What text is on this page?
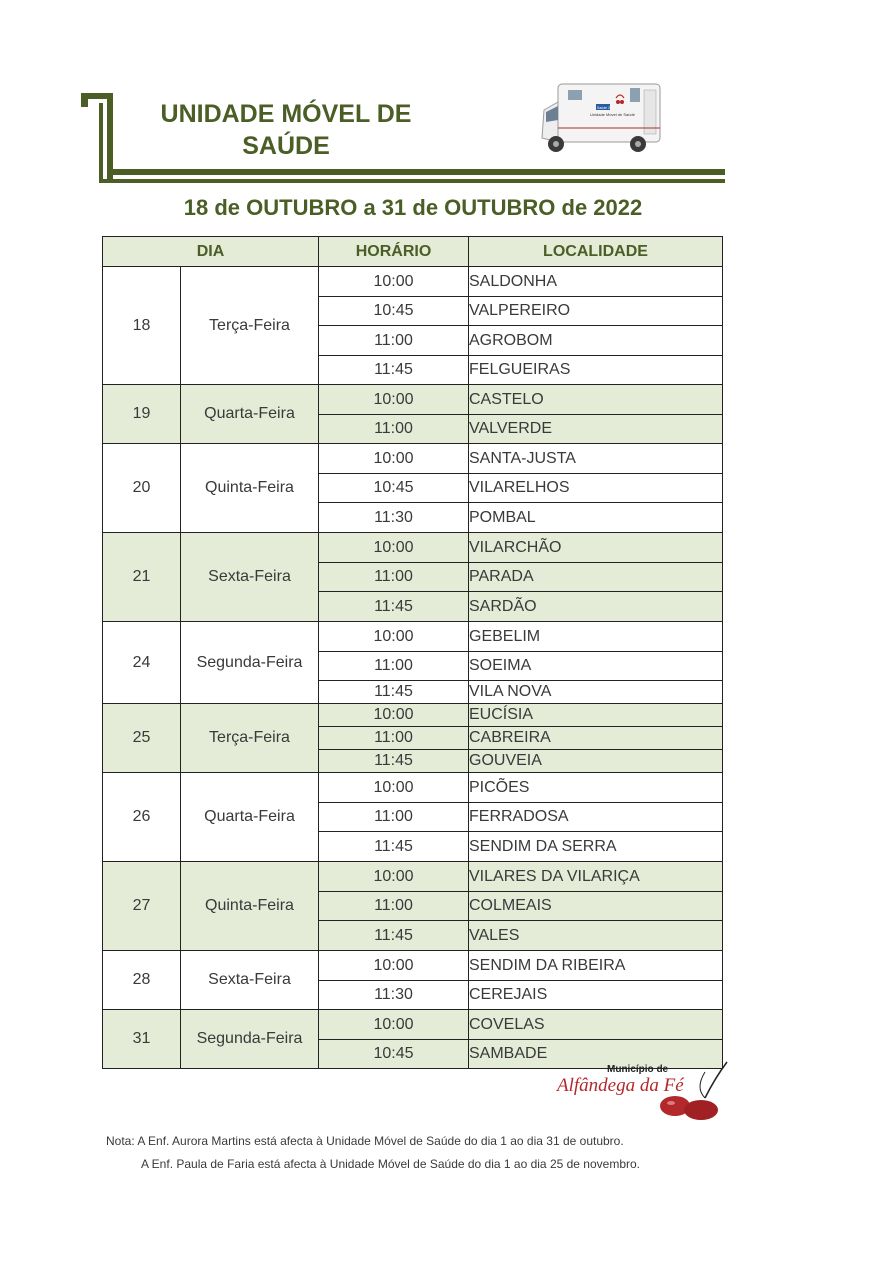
UNIDADE MÓVEL DE
SAÚDE
Unidade Móvel de Saúde
Saúde 24
18 de OUTUBRO a 31 de OUTUBRO de 2022
DIA		HORÁRIO	LOCALIDADE
18	Terça-Feira	10:00	SALDONHA
		10:45	VALPEREIRO
		11:00	AGROBOM
		11:45	FELGUEIRAS
19	Quarta-Feira	10:00	CASTELO
		11:00	VALVERDE
20	Quinta-Feira	10:00	SANTA-JUSTA
		10:45	VILARELHOS
		11:30	POMBAL
21	Sexta-Feira	10:00	VILARCHÃO
		11:00	PARADA
		11:45	SARDÃO
24	Segunda-Feira	10:00	GEBELIM
		11:00	SOEIMA
		11:45	VILA NOVA
25	Terça-Feira	10:00	EUCÍSIA
		11:00	CABREIRA
		11:45	GOUVEIA
26	Quarta-Feira	10:00	PICÕES
		11:00	FERRADOSA
		11:45	SENDIM DA SERRA
27	Quinta-Feira	10:00	VILARES DA VILARIÇA
		11:00	COLMEAIS
		11:45	VALES
28	Sexta-Feira	10:00	SENDIM DA RIBEIRA
		11:30	CEREJAIS
31	Segunda-Feira	10:00	COVELAS
		10:45	SAMBADE
Município de
Alfândega da Fé
Nota: A Enf. Aurora Martins está afecta à Unidade Móvel de Saúde do dia 1 ao dia 31 de outubro.
A Enf. Paula de Faria está afecta à Unidade Móvel de Saúde do dia 1 ao dia 25 de novembro.
